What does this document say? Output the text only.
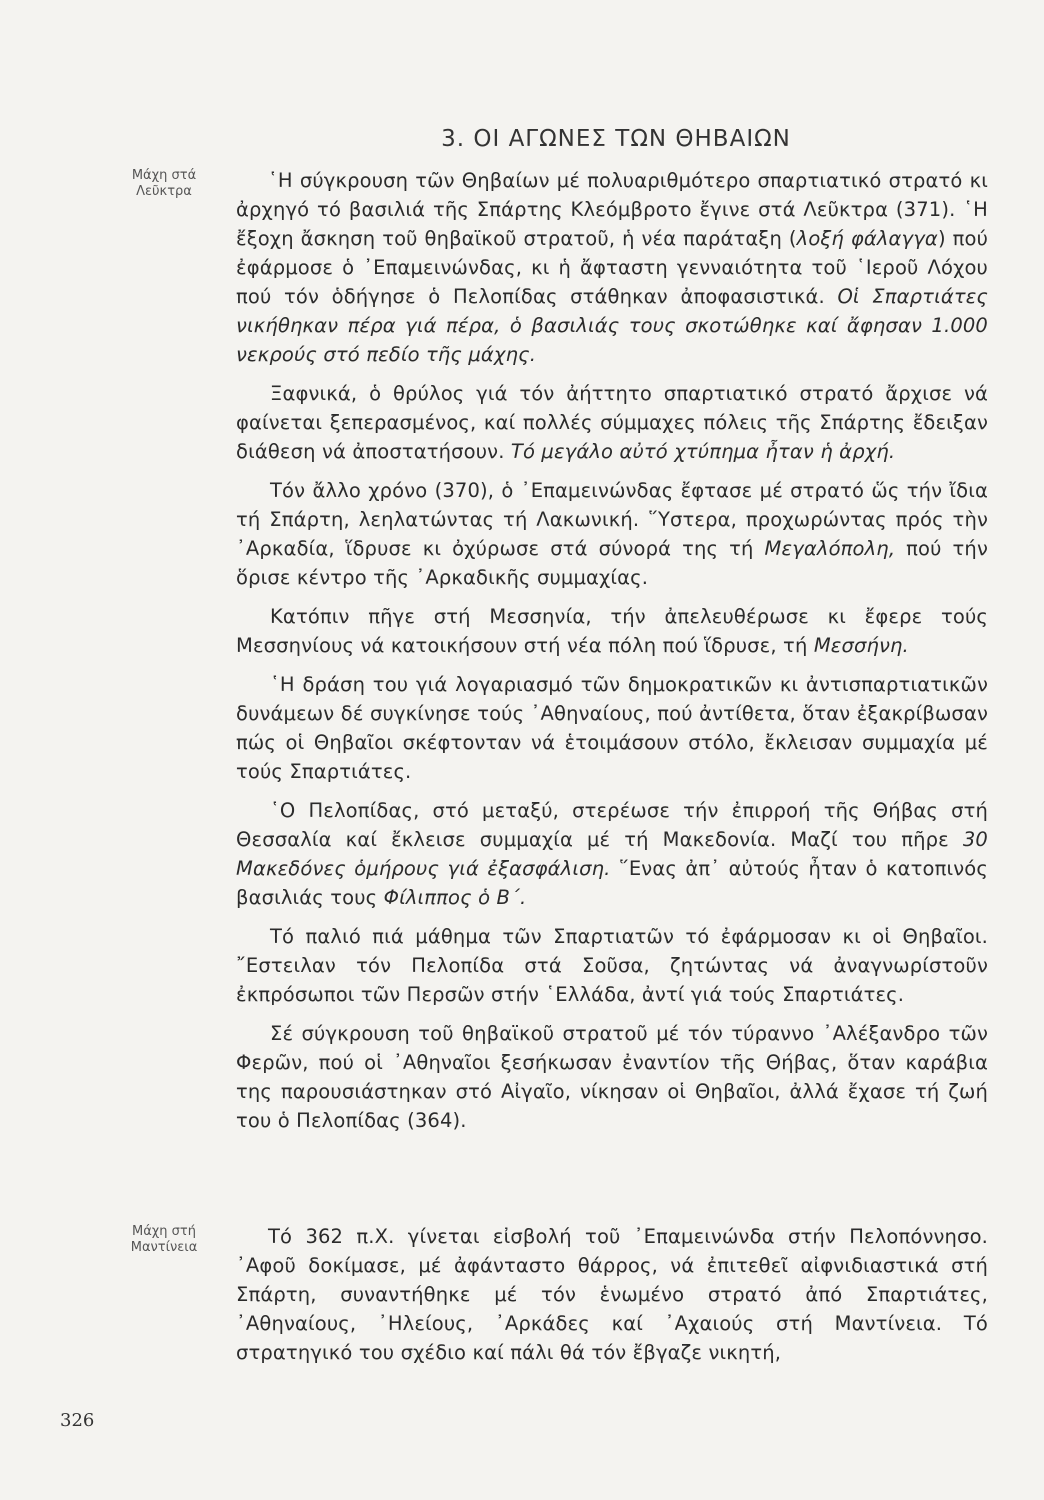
3. ΟΙ ΑΓΩΝΕΣ ΤΩΝ ΘΗΒΑΙΩΝ
Μάχη στά
Λεῦκτρα	῾Η σύγκρουση τῶν Θηβαίων μέ πολυαριθμότερο σπαρτιατικό στρατό κι ἀρχηγό τό βασιλιά τῆς Σπάρτης Κλεόμβροτο ἔγινε στά Λεῦκτρα (371). ῾Η ἔξοχη ἄσκηση τοῦ θηβαϊκοῦ στρατοῦ, ἡ νέα παράταξη (λοξή φάλαγγα) πού ἐφάρμοσε ὁ ᾿Επαμεινώνδας, κι ἡ ἄφταστη γενναιότητα τοῦ ῾Ιεροῦ Λόχου πού τόν ὁδήγησε ὁ Πελοπίδας στάθηκαν ἀποφασιστικά. Οἱ Σπαρτιάτες νικήθηκαν πέρα γιά πέρα, ὁ βασιλιάς τους σκοτώθηκε καί ἄφησαν 1.000 νεκρούς στό πεδίο τῆς μάχης.

Ξαφνικά, ὁ θρύλος γιά τόν ἀήττητο σπαρτιατικό στρατό ἄρχισε νά φαίνεται ξεπερασμένος, καί πολλές σύμμαχες πόλεις τῆς Σπάρτης ἔδειξαν διάθεση νά ἀποστατήσουν. Τό μεγάλο αὐτό χτύπημα ἦταν ἡ ἀρχή.

Τόν ἄλλο χρόνο (370), ὁ ᾿Επαμεινώνδας ἔφτασε μέ στρατό ὥς τήν ἴδια τή Σπάρτη, λεηλατώντας τή Λακωνική. ῞Υστερα, προχωρώντας πρός τὴν ᾿Αρκαδία, ἵδρυσε κι ὀχύρωσε στά σύνορά της τή Μεγαλόπολη, πού τήν ὅρισε κέντρο τῆς ᾿Αρκαδικῆς συμμαχίας.

Κατόπιν πῆγε στή Μεσσηνία, τήν ἀπελευθέρωσε κι ἔφερε τούς Μεσσηνίους νά κατοικήσουν στή νέα πόλη πού ἵδρυσε, τή Μεσσήνη.

῾Η δράση του γιά λογαριασμό τῶν δημοκρατικῶν κι ἀντισπαρτιατικῶν δυνάμεων δέ συγκίνησε τούς ᾿Αθηναίους, πού ἀντίθετα, ὅταν ἐξακρίβωσαν πώς οἱ Θηβαῖοι σκέφτονταν νά ἑτοιμάσουν στόλο, ἔκλεισαν συμμαχία μέ τούς Σπαρτιάτες.

῾Ο Πελοπίδας, στό μεταξύ, στερέωσε τήν ἐπιρροή τῆς Θήβας στή Θεσσαλία καί ἔκλεισε συμμαχία μέ τή Μακεδονία. Μαζί του πῆρε 30 Μακεδόνες ὁμήρους γιά ἐξασφάλιση. ῞Ενας ἀπ᾿ αὐτούς ἦταν ὁ κατοπινός βασιλιάς τους Φίλιππος ὁ Β΄.

Τό παλιό πιά μάθημα τῶν Σπαρτιατῶν τό ἐφάρμοσαν κι οἱ Θηβαῖοι. ῎Εστειλαν τόν Πελοπίδα στά Σοῦσα, ζητώντας νά ἀναγνωρίστοῦν ἐκπρόσωποι τῶν Περσῶν στήν ῾Ελλάδα, ἀντί γιά τούς Σπαρτιάτες.

Σέ σύγκρουση τοῦ θηβαϊκοῦ στρατοῦ μέ τόν τύραννο ᾿Αλέξανδρο τῶν Φερῶν, πού οἱ ᾿Αθηναῖοι ξεσήκωσαν ἐναντίον τῆς Θήβας, ὅταν καράβια της παρουσιάστηκαν στό Αἰγαῖο, νίκησαν οἱ Θηβαῖοι, ἀλλά ἔχασε τή ζωή του ὁ Πελοπίδας (364).

Μάχη στή
Μαντίνεια	Τό 362 π.Χ. γίνεται εἰσβολή τοῦ ᾿Επαμεινώνδα στήν Πελοπόννησο. ᾿Αφοῦ δοκίμασε, μέ ἀφάνταστο θάρρος, νά ἐπιτεθεῖ αἰφνιδιαστικά στή Σπάρτη, συναντήθηκε μέ τόν ἑνωμένο στρατό ἀπό Σπαρτιάτες, ᾿Αθηναίους, ᾿Ηλείους, ᾿Αρκάδες καί ᾿Αχαιούς στή Μαντίνεια. Τό στρατηγικό του σχέδιο καί πάλι θά τόν ἔβγαζε νικητή,

326
